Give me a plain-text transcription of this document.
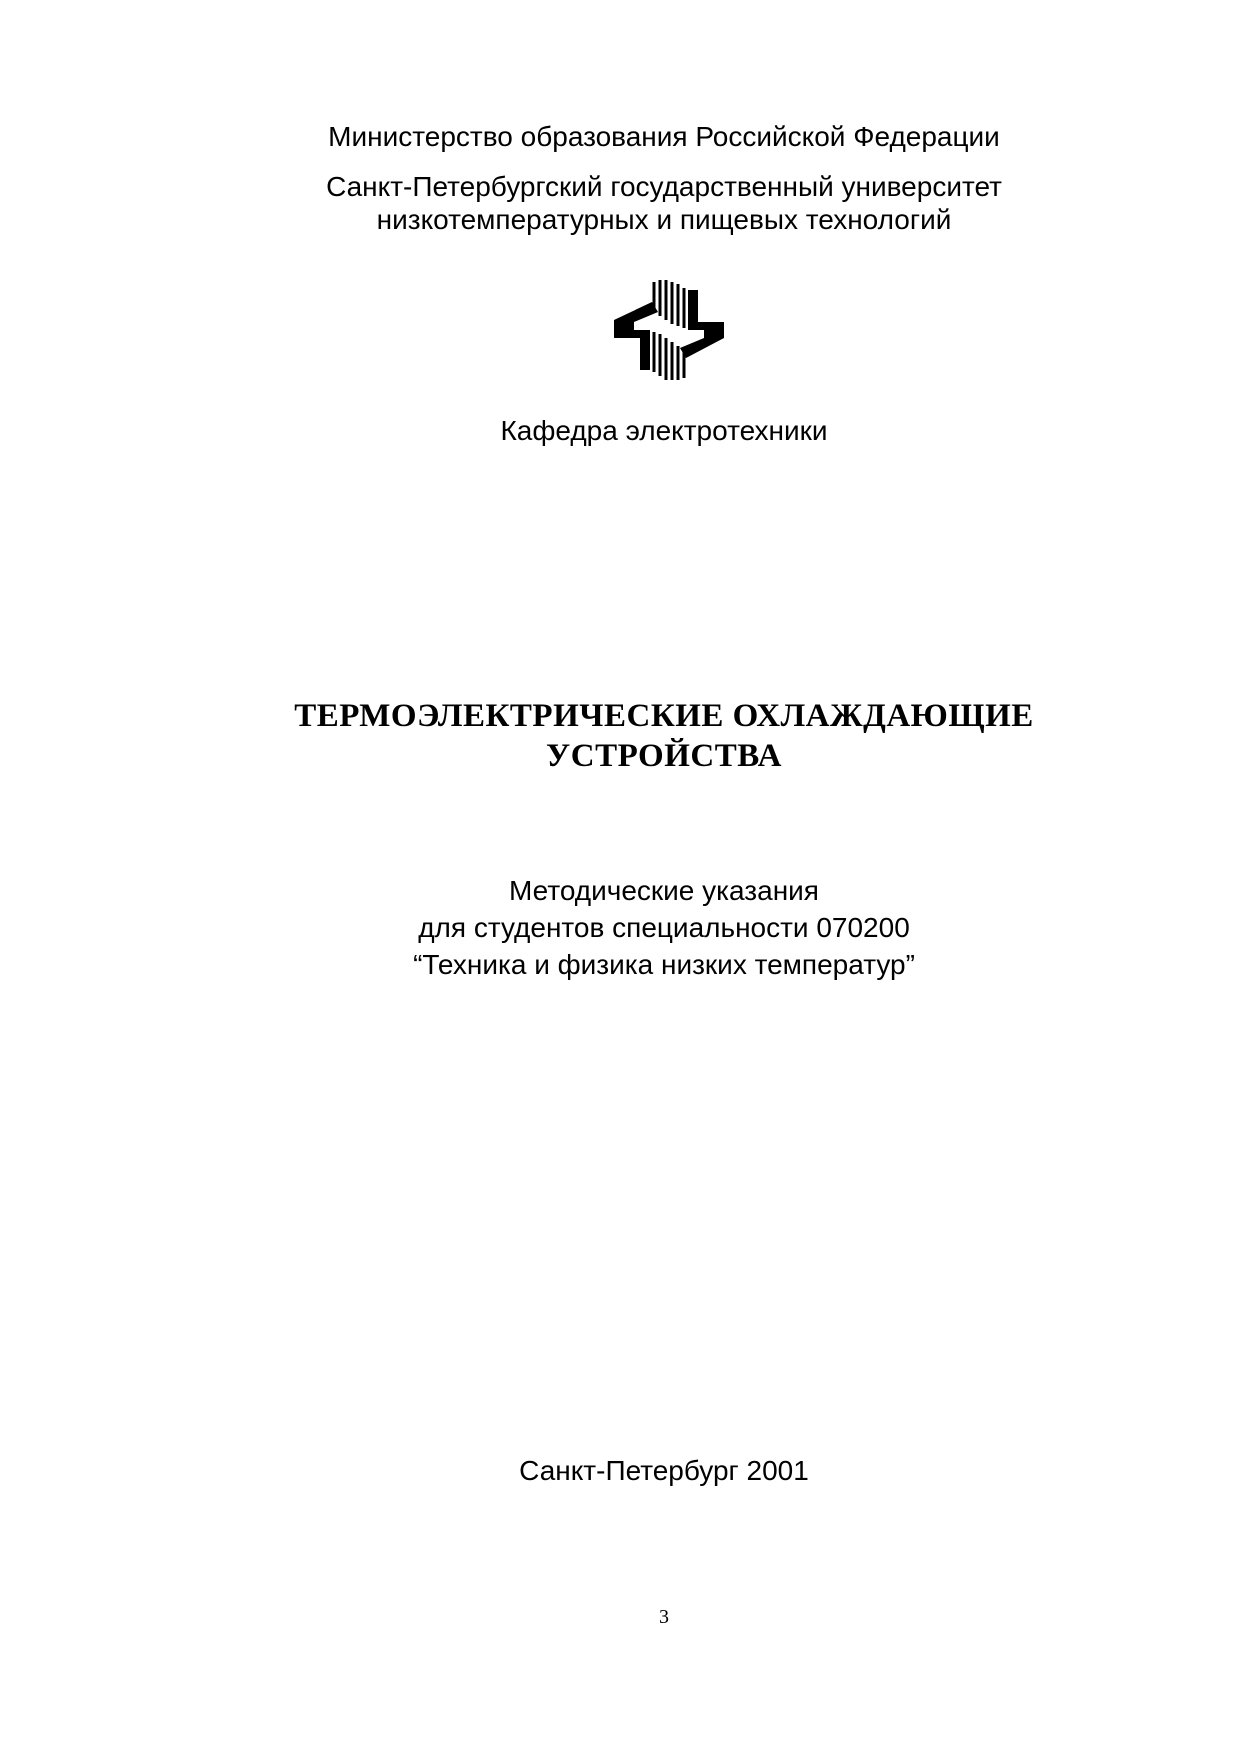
Министерство образования Российской Федерации
Санкт-Петербургский государственный университет
низкотемпературных и пищевых технологий
Кафедра электротехники
ТЕРМОЭЛЕКТРИЧЕСКИЕ ОХЛАЖДАЮЩИЕ
УСТРОЙСТВА
Методические указания
для студентов специальности 070200
“Техника и физика низких температур”
Санкт-Петербург 2001
3
